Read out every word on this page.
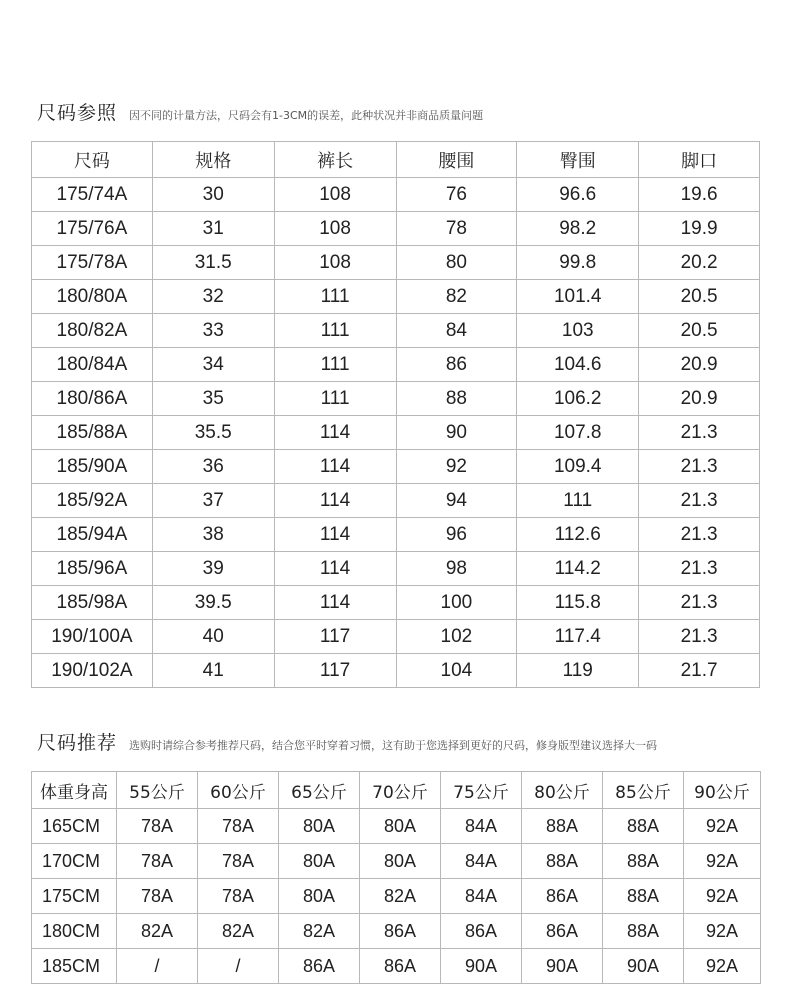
尺码参照 因不同的计量方法，尺码会有1-3CM的误差，此种状况并非商品质量问题
尺码	规格	裤长	腰围	臀围	脚口
175/74A	30	108	76	96.6	19.6
175/76A	31	108	78	98.2	19.9
175/78A	31.5	108	80	99.8	20.2
180/80A	32	111	82	101.4	20.5
180/82A	33	111	84	103	20.5
180/84A	34	111	86	104.6	20.9
180/86A	35	111	88	106.2	20.9
185/88A	35.5	114	90	107.8	21.3
185/90A	36	114	92	109.4	21.3
185/92A	37	114	94	111	21.3
185/94A	38	114	96	112.6	21.3
185/96A	39	114	98	114.2	21.3
185/98A	39.5	114	100	115.8	21.3
190/100A	40	117	102	117.4	21.3
190/102A	41	117	104	119	21.7
尺码推荐 选购时请综合参考推荐尺码，结合您平时穿着习惯，这有助于您选择到更好的尺码，修身版型建议选择大一码
体重身高	55公斤	60公斤	65公斤	70公斤	75公斤	80公斤	85公斤	90公斤
165CM	78A	78A	80A	80A	84A	88A	88A	92A
170CM	78A	78A	80A	80A	84A	88A	88A	92A
175CM	78A	78A	80A	82A	84A	86A	88A	92A
180CM	82A	82A	82A	86A	86A	86A	88A	92A
185CM	/	/	86A	86A	90A	90A	90A	92A
